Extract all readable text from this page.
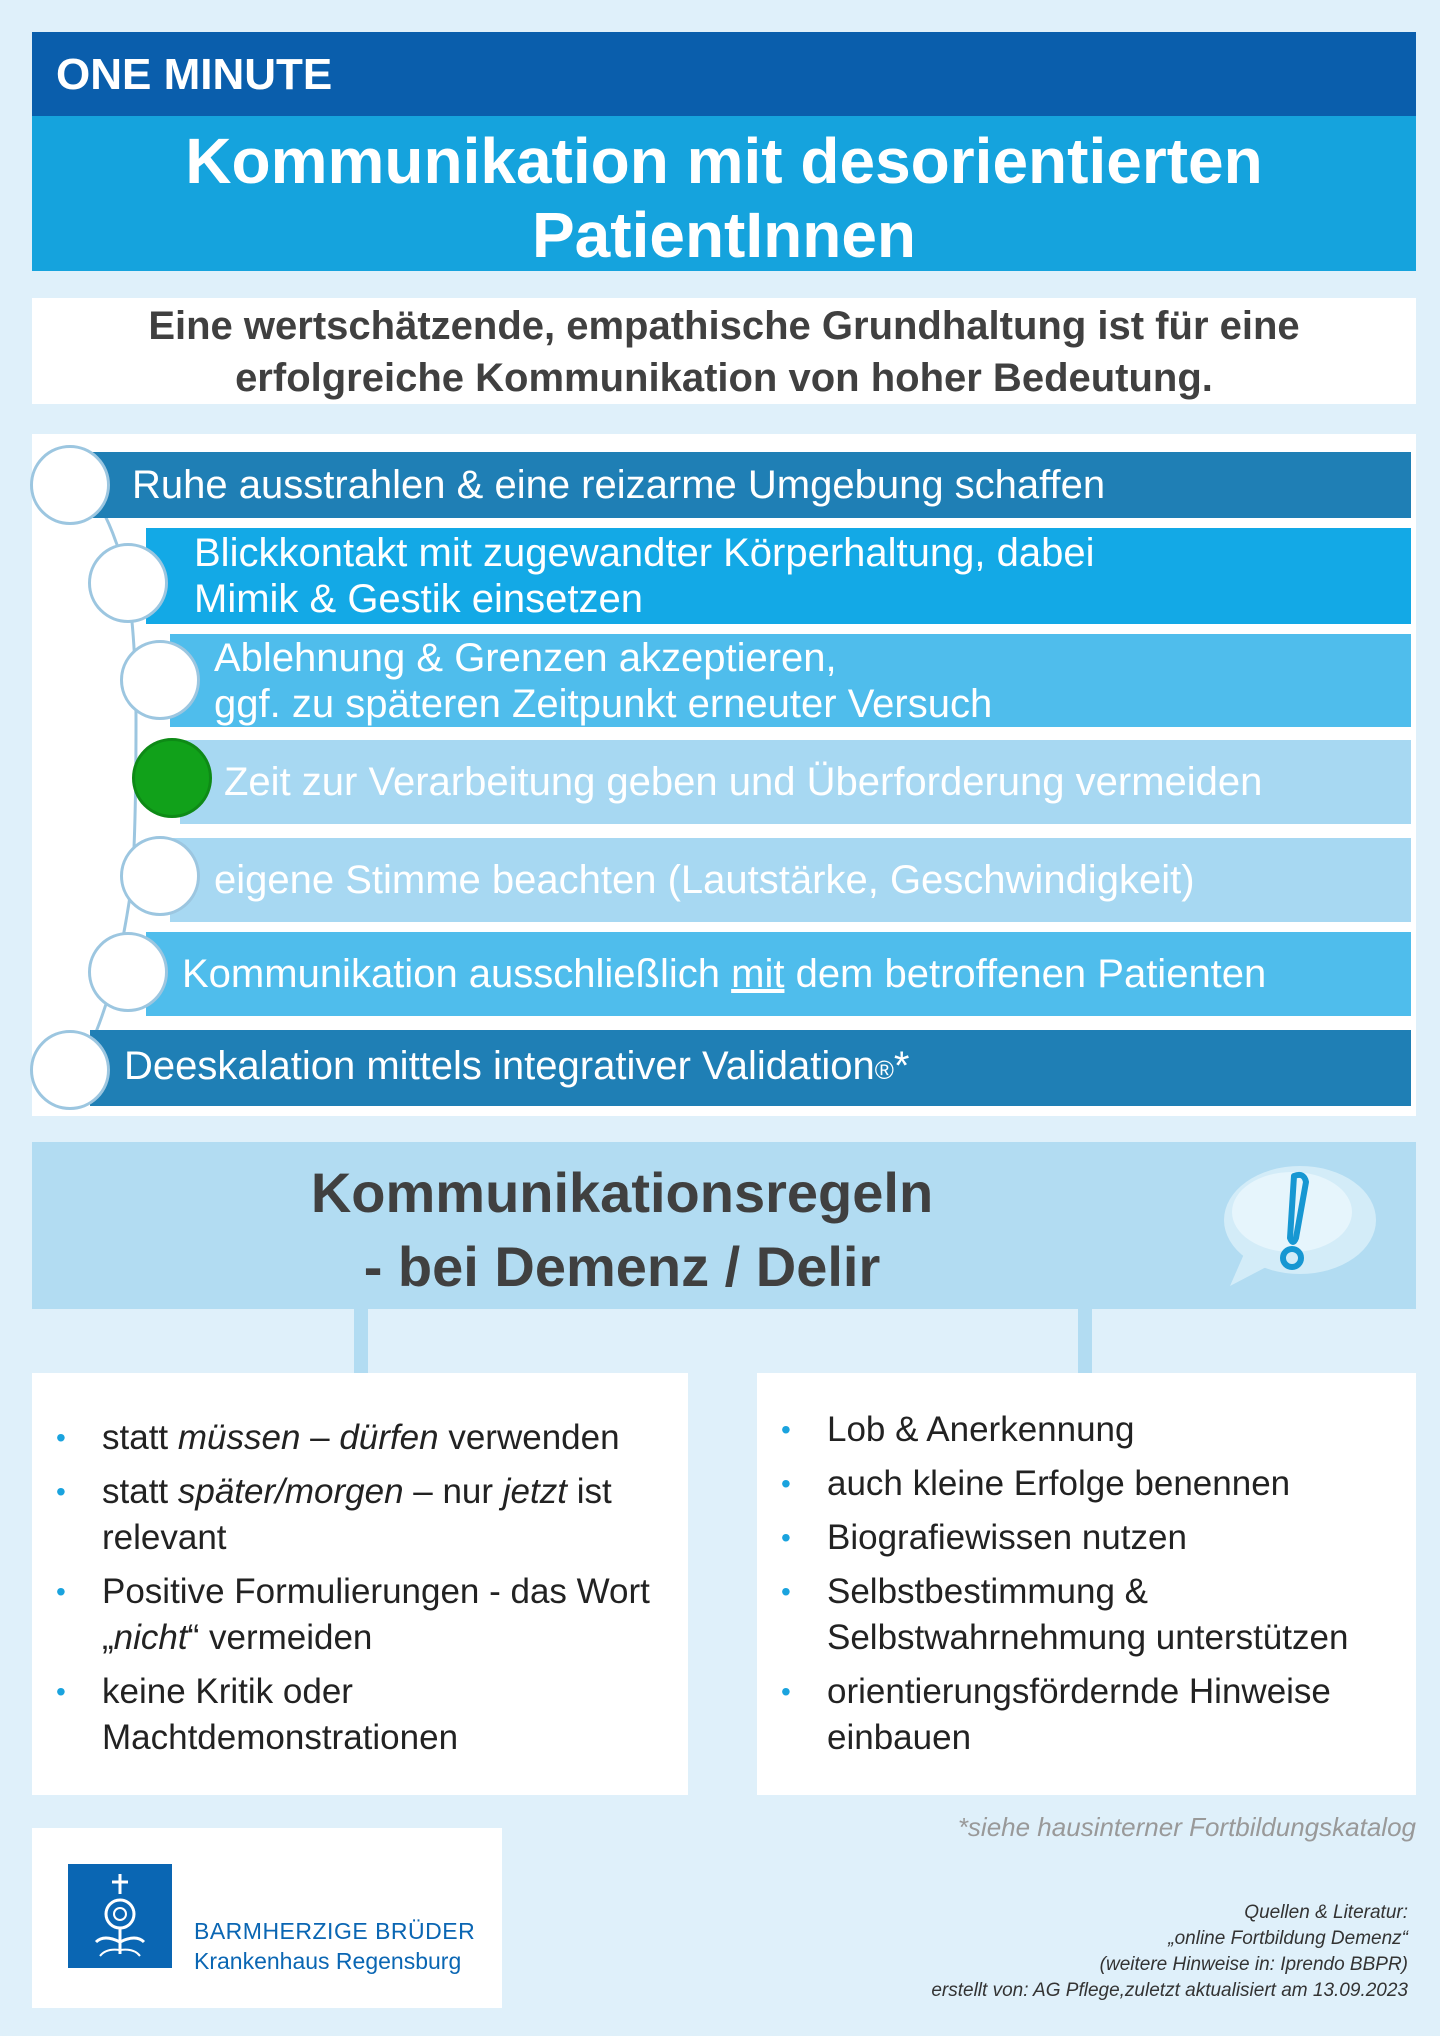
ONE MINUTE
Kommunikation mit desorientierten
PatientInnen
Eine wertschätzende, empathische Grundhaltung ist für eine
erfolgreiche Kommunikation von hoher Bedeutung.
Ruhe ausstrahlen & eine reizarme Umgebung schaffen
Blickkontakt mit zugewandter Körperhaltung, dabei
Mimik & Gestik einsetzen
Ablehnung & Grenzen akzeptieren,
ggf. zu späteren Zeitpunkt erneuter Versuch
Zeit zur Verarbeitung geben und Überforderung vermeiden
eigene Stimme beachten (Lautstärke, Geschwindigkeit)
Kommunikation ausschließlich mit dem betroffenen Patienten
Deeskalation mittels integrativer Validation®*
Kommunikationsregeln
- bei Demenz / Delir
• statt müssen – dürfen verwenden
• statt später/morgen – nur jetzt ist relevant
• Positive Formulierungen - das Wort „nicht“ vermeiden
• keine Kritik oder Machtdemonstrationen
• Lob & Anerkennung
• auch kleine Erfolge benennen
• Biografiewissen nutzen
• Selbstbestimmung & Selbstwahrnehmung unterstützen
• orientierungsfördernde Hinweise einbauen
*siehe hausinterner Fortbildungskatalog
BARMHERZIGE BRÜDER
Krankenhaus Regensburg
Quellen & Literatur:
„online Fortbildung Demenz“
(weitere Hinweise in: Iprendo BBPR)
erstellt von: AG Pflege,zuletzt aktualisiert am 13.09.2023
